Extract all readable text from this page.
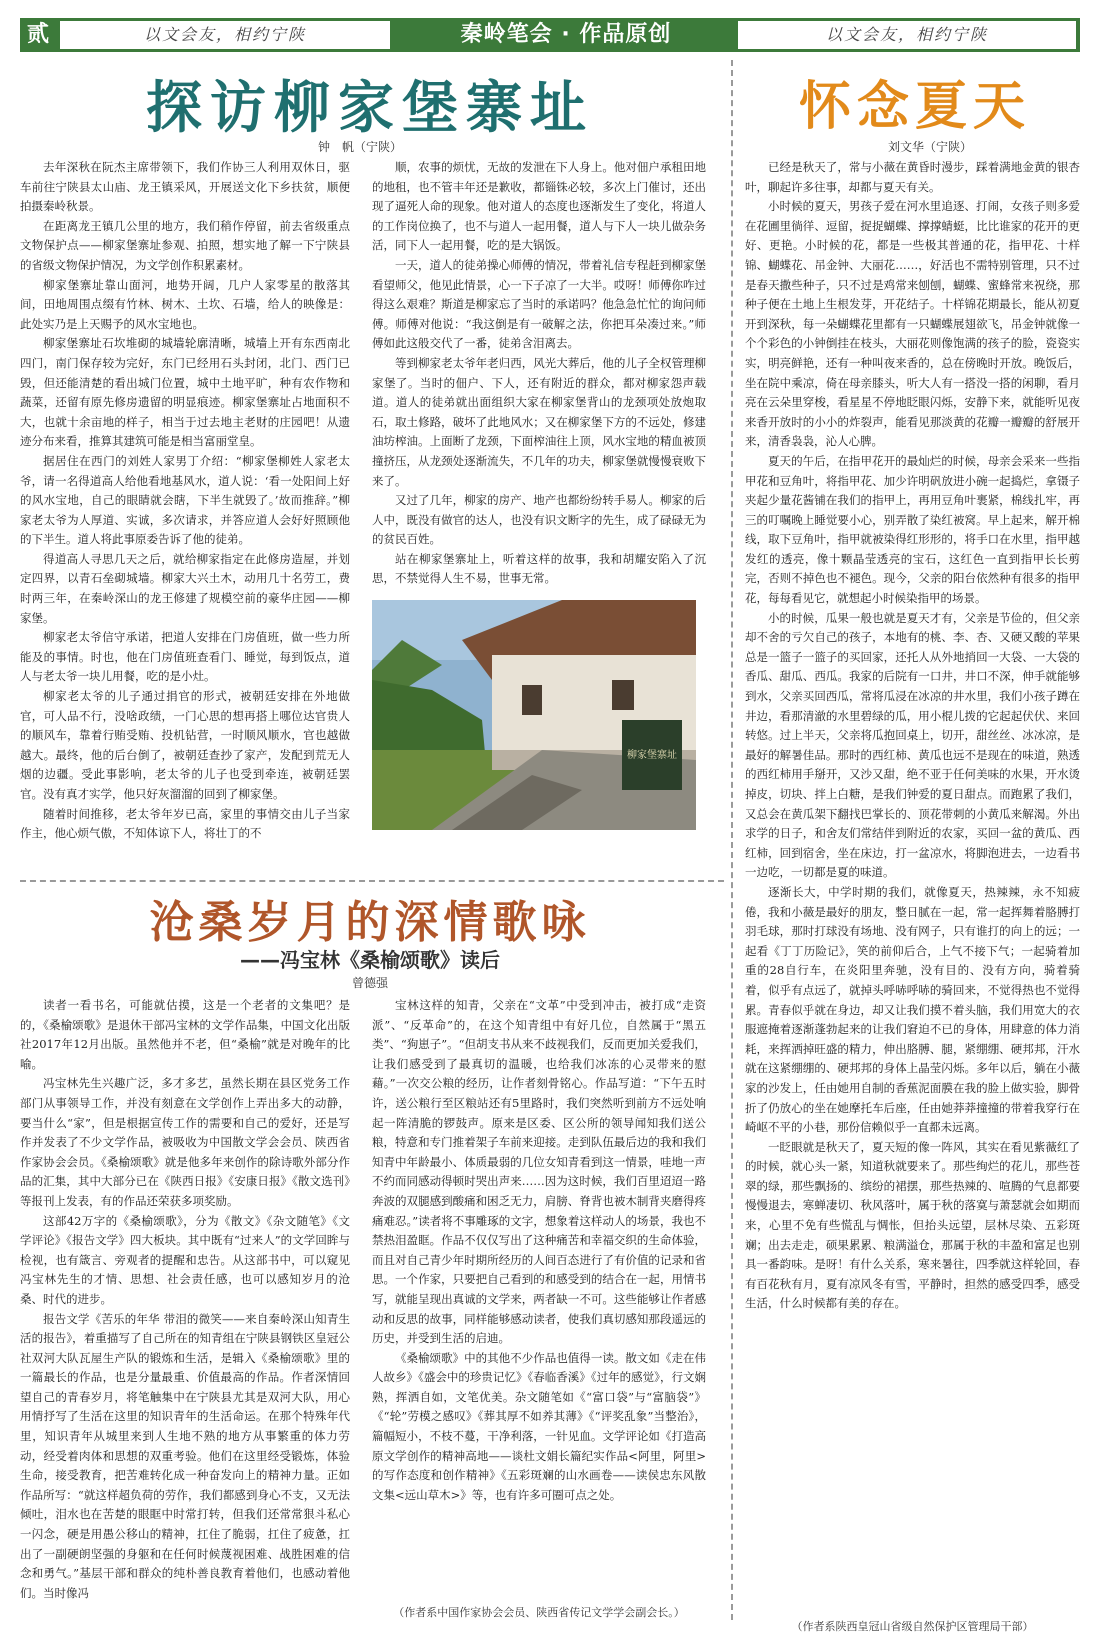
贰	以文会友，相约宁陕	秦岭笔会 · 作品原创	以文会友，相约宁陕
探访柳家堡寨址
钟　帆（宁陕）

去年深秋在阮杰主席带领下，我们作协三人利用双休日，驱车前往宁陕县太山庙、龙王镇采风，开展送文化下乡扶贫，顺便拍摄秦岭秋景。

在距离龙王镇几公里的地方，我们稍作停留，前去省级重点文物保护点——柳家堡寨址参观、拍照，想实地了解一下宁陕县的省级文物保护情况，为文学创作积累素材。

柳家堡寨址靠山面河，地势开阔，几户人家零星的散落其间，田地周围点缀有竹林、树木、土坎、石墙，给人的映像是：此处实乃是上天赐予的风水宝地也。

柳家堡寨址石坎堆砌的城墙轮廓清晰，城墙上开有东西南北四门，南门保存较为完好，东门已经用石头封闭，北门、西门已毁，但还能清楚的看出城门位置，城中土地平旷，种有农作物和蔬菜，还留有原先修房遗留的明显痕迹。柳家堡寨址占地面积不大，也就十余亩地的样子，相当于过去地主老财的庄园吧！从遗迹分布来看，推算其建筑可能是相当富丽堂皇。

据居住在西门的刘姓人家男丁介绍：“柳家堡柳姓人家老太爷，请一名得道高人给他看地基风水，道人说：‘看一处阳间上好的风水宝地，自己的眼睛就会瞎，下半生就毁了。’故而推辞。”柳家老太爷为人厚道、实诚，多次请求，并答应道人会好好照顾他的下半生。道人将此事原委告诉了他的徒弟。

得道高人寻思几天之后，就给柳家指定在此修房造屋，并划定四界，以青石垒砌城墙。柳家大兴土木，动用几十名劳工，费时两三年，在秦岭深山的龙王修建了规模空前的豪华庄园——柳家堡。

柳家老太爷信守承诺，把道人安排在门房值班，做一些力所能及的事情。时也，他在门房值班查看门、睡觉，每到饭点，道人与老太爷一块儿用餐，吃的是小灶。

柳家老太爷的儿子通过捐官的形式，被朝廷安排在外地做官，可人品不行，没啥政绩，一门心思的想再搭上哪位达官贵人的顺风车，靠着行贿受贿、投机钻营，一时顺风顺水，官也越做越大。最终，他的后台倒了，被朝廷查抄了家产，发配到荒无人烟的边疆。受此事影响，老太爷的儿子也受到牵连，被朝廷罢官。没有真才实学，他只好灰溜溜的回到了柳家堡。

随着时间推移，老太爷年岁已高，家里的事情交由儿子当家作主，他心烦气傲，不知体谅下人，将壮丁的不

顺，农事的烦忧，无故的发泄在下人身上。他对佃户承租田地的地租，也不管丰年还是歉收，都锱铢必较，多次上门催讨，还出现了逼死人命的现象。他对道人的态度也逐渐发生了变化，将道人的工作岗位换了，也不与道人一起用餐，道人与下人一块儿做杂务活，同下人一起用餐，吃的是大锅饭。

一天，道人的徒弟操心师傅的情况，带着礼信专程赶到柳家堡看望师父，他见此情景，心一下子凉了一大半。哎呀！师傅你咋过得这么艰难？斯道是柳家忘了当时的承诺吗？他急急忙忙的询问师傅。师傅对他说：“我这倒是有一破解之法，你把耳朵凑过来。”师傅如此这般交代了一番，徒弟含泪离去。

等到柳家老太爷年老归西，风光大葬后，他的儿子全权管理柳家堡了。当时的佃户、下人，还有附近的群众，都对柳家怨声载道。道人的徒弟就出面组织大家在柳家堡背山的龙颈项处放炮取石，取土修路，破坏了此地风水；又在柳家堡下方的不远处，修建油坊榨油。上面断了龙颈，下面榨油往上顶，风水宝地的精血被顶撞挤压，从龙颈处逐渐流失，不几年的功夫，柳家堡就慢慢衰败下来了。

又过了几年，柳家的房产、地产也都纷纷转手易人。柳家的后人中，既没有做官的达人，也没有识文断字的先生，成了碌碌无为的贫民百姓。

站在柳家堡寨址上，听着这样的故事，我和胡耀安陷入了沉思，不禁觉得人生不易，世事无常。

柳家堡寨址
怀念夏天
刘文华（宁陕）

已经是秋天了，常与小薇在黄昏时漫步，踩着满地金黄的银杏叶，聊起许多往事，却都与夏天有关。

小时候的夏天，男孩子爱在河水里追逐、打闹，女孩子则多爱在花圃里徜徉、逗留，捉捉蝴蝶、撑撑蜻蜓，比比谁家的花开的更好、更艳。小时候的花，都是一些极其普通的花，指甲花、十样锦、蝴蝶花、吊金钟、大丽花……，好活也不需特别管理，只不过是春天撒些种子，只不过是鸡常来刨刨，蝴蝶、蜜蜂常来祝绕，那种子便在土地上生根发芽，开花结子。十样锦花期最长，能从初夏开到深秋，每一朵蝴蝶花里都有一只蝴蝶展翅欲飞，吊金钟就像一个个彩色的小钟倒挂在枝头，大丽花则像饱满的孩子的脸，瓷瓷实实，明亮鲜艳，还有一种叫夜来香的，总在傍晚时开放。晚饭后，坐在院中乘凉，倚在母亲膝头，听大人有一搭没一搭的闲聊，看月亮在云朵里穿梭，看星星不停地眨眼闪烁，安静下来，就能听见夜来香开放时的小小的炸裂声，能看见那淡黄的花瓣一瓣瓣的舒展开来，清香袅袅，沁人心脾。

夏天的午后，在指甲花开的最灿烂的时候，母亲会采来一些指甲花和豆角叶，将指甲花、加少许明矾放进小碗一起捣烂，拿镊子夹起少量花酱铺在我们的指甲上，再用豆角叶裹紧，棉线扎牢，再三的叮嘱晚上睡觉要小心，别弄散了染红被窝。早上起来，解开棉线，取下豆角叶，指甲就被染得红形形的，将手口在水里，指甲越发红的透亮，像十颗晶莹透亮的宝石，这红色一直到指甲长长剪完，否则不掉色也不褪色。现今，父亲的阳台依然种有很多的指甲花，每每看见它，就想起小时候染指甲的场景。

小的时候，瓜果一般也就是夏天才有，父亲是节俭的，但父亲却不舍的亏欠自己的孩子，本地有的桃、李、杏、又硬又酸的苹果总是一篮子一篮子的买回家，还托人从外地捎回一大袋、一大袋的香瓜、甜瓜、西瓜。我家的后院有一口井，井口不深，伸手就能够到水，父亲买回西瓜，常将瓜浸在冰凉的井水里，我们小孩子蹲在井边，看那清澈的水里碧绿的瓜，用小棍儿拨的它起起伏伏、来回转悠。过上半天，父亲将瓜抱回桌上，切开，甜丝丝、冰冰凉，是最好的解暑佳品。那时的西红柿、黄瓜也远不是现在的味道，熟透的西红柿用手掰开，又沙又甜，绝不亚于任何美味的水果，开水烫掉皮，切块、拌上白糖，是我们钟爱的夏日甜点。而跑累了我们，又总会在黄瓜架下翻找巴掌长的、顶花带刺的小黄瓜来解渴。外出求学的日子，和舍友们常结伴到附近的农家，买回一盆的黄瓜、西红柿，回到宿舍，坐在床边，打一盆凉水，将脚泡进去，一边看书一边吃，一切都是夏的味道。

逐渐长大，中学时期的我们，就像夏天，热辣辣，永不知疲倦，我和小薇是最好的朋友，整日腻在一起，常一起挥舞着胳膊打羽毛球，那时打球没有场地、没有网子，只有谁打的向上的远；一起看《丁丁历险记》，笑的前仰后合，上气不接下气；一起骑着加重的28自行车，在炎阳里奔驰，没有目的、没有方向，骑着骑着，似乎有点远了，就掉头呼哧呼哧的骑回来，不觉得热也不觉得累。青春似乎就在身边，却又让我们摸不着头脑，我们用宽大的衣服遮掩着逐渐蓬勃起来的让我们窘迫不已的身体，用肆意的体力消耗，来挥洒掉旺盛的精力，伸出胳膊、腿，紧绷绷、硬邦邦，汗水就在这紧绷绷的、硬邦邦的身体上晶莹闪烁。多年以后，躺在小薇家的沙发上，任由她用自制的香蕉泥面膜在我的脸上做实验，脚骨折了仍放心的坐在她摩托车后座，任由她莽莽撞撞的带着我穿行在崎岖不平的小巷，那份信赖似乎一直都未远离。

一眨眼就是秋天了，夏天短的像一阵风，其实在看见紫薇红了的时候，就心头一紧，知道秋就要来了。那些绚烂的花儿，那些苍翠的绿，那些飘扬的、缤纷的裙摆，那些热辣的、喧腾的气息都要慢慢退去，寒蝉凄切、秋风落叶，属于秋的落寞与萧瑟就会如期而来，心里不免有些慌乱与惆怅，但抬头远望，层林尽染、五彩斑斓；出去走走，硕果累累、粮满溢仓，那属于秋的丰盈和富足也别具一番韵味。是呀！有什么关系，寒来暑往，四季就这样轮回，春有百花秋有月，夏有凉风冬有雪，平静时，担然的感受四季，感受生活，什么时候都有美的存在。

（作者系陕西皇冠山省级自然保护区管理局干部）
沧桑岁月的深情歌咏
——冯宝林《桑榆颂歌》读后
曾德强

读者一看书名，可能就估摸，这是一个老者的文集吧？是的，《桑榆颂歌》是退休干部冯宝林的文学作品集，中国文化出版社2017年12月出版。虽然他并不老，但“桑榆”就是对晚年的比喻。

冯宝林先生兴趣广泛，多才多艺，虽然长期在县区党务工作部门从事领导工作，并没有刻意在文学创作上弄出多大的动静，要当什么“家”，但是根据宣传工作的需要和自己的爱好，还是写作并发表了不少文学作品，被吸收为中国散文学会会员、陕西省作家协会会员。《桑榆颂歌》就是他多年来创作的除诗歌外部分作品的汇集，其中大部分已在《陕西日报》《安康日报》《散文选刊》等报刊上发表，有的作品还荣获多项奖励。

这部42万字的《桑榆颂歌》，分为《散文》《杂文随笔》《文学评论》《报告文学》四大板块。其中既有“过来人”的文学回眸与检视，也有箴言、旁观者的提醒和忠告。从这部书中，可以窥见冯宝林先生的才情、思想、社会责任感，也可以感知岁月的沧桑、时代的进步。

报告文学《苦乐的年华 带泪的微笑——来自秦岭深山知青生活的报告》，着重描写了自己所在的知青组在宁陕县钢铁区皇冠公社双河大队瓦屋生产队的锻炼和生活，是辑入《桑榆颂歌》里的一篇最长的作品，也是分量最重、价值最高的作品。作者深情回望自己的青春岁月，将笔触集中在宁陕县尤其是双河大队，用心用情抒写了生活在这里的知识青年的生活命运。在那个特殊年代里，知识青年从城里来到人生地不熟的地方从事繁重的体力劳动，经受着肉体和思想的双重考验。他们在这里经受锻炼，体验生命，接受教育，把苦难转化成一种奋发向上的精神力量。正如作品所写：“就这样超负荷的劳作，我们都感到身心不支，又无法倾吐，泪水也在苦楚的眼眶中时常打转，但我们还常常狠斗私心一闪念，硬是用愚公移山的精神，扛住了脆弱，扛住了疲惫，扛出了一副硬朗坚强的身躯和在任何时候蔑视困难、战胜困难的信念和勇气。”基层干部和群众的纯朴善良教育着他们，也感动着他们。当时像冯

宝林这样的知青，父亲在“文革”中受到冲击，被打成“走资派”、“反革命”的，在这个知青组中有好几位，自然属于“黑五类”、“狗崽子”。“但胡支书从来不歧视我们，反而更加关爱我们，让我们感受到了最真切的温暖，也给我们冰冻的心灵带来的慰藉。”一次交公粮的经历，让作者刻骨铭心。作品写道：“下午五时许，送公粮行至区粮站还有5里路时，我们突然听到前方不远处响起一阵清脆的锣鼓声。原来是区委、区公所的领导闻知我们送公粮，特意和专门推着架子车前来迎接。走到队伍最后边的我和我们知青中年龄最小、体质最弱的几位女知青看到这一情景，哇地一声不约而同感动得顿时哭出声来……因为这时候，我们百里迢迢一路奔波的双腿感到酸痛和困乏无力，肩膀、脊背也被木制背夹磨得疼痛难忍。”读者将不事雕琢的文字，想象着这样动人的场景，我也不禁热泪盈眶。作品不仅仅写出了这种痛苦和幸福交织的生命体验，而且对自己青少年时期所经历的人间百态进行了有价值的记录和省思。一个作家，只要把自己看到的和感受到的结合在一起，用情书写，就能呈现出真诚的文学来，两者缺一不可。这些能够让作者感动和反思的故事，同样能够感动读者，使我们真切感知那段遥远的历史，并受到生活的启迪。

《桑榆颂歌》中的其他不少作品也值得一读。散文如《走在伟人故乡》《盛会中的珍贵记忆》《春临香溪》《过年的感觉》，行文娴熟，挥洒自如，文笔优美。杂文随笔如《“富口袋”与“富脑袋”》《“轮”劳模之感叹》《葬其厚不如养其薄》《“评奖乱象”当整治》，篇幅短小，不枝不蔓，干净利落，一针见血。文学评论如《打造高原文学创作的精神高地——谈杜文娟长篇纪实作品<阿里，阿里>的写作态度和创作精神》《五彩斑斓的山水画卷——读侯忠东风散文集<远山草木>》等，也有许多可圈可点之处。

（作者系中国作家协会会员、陕西省传记文学学会副会长。）
